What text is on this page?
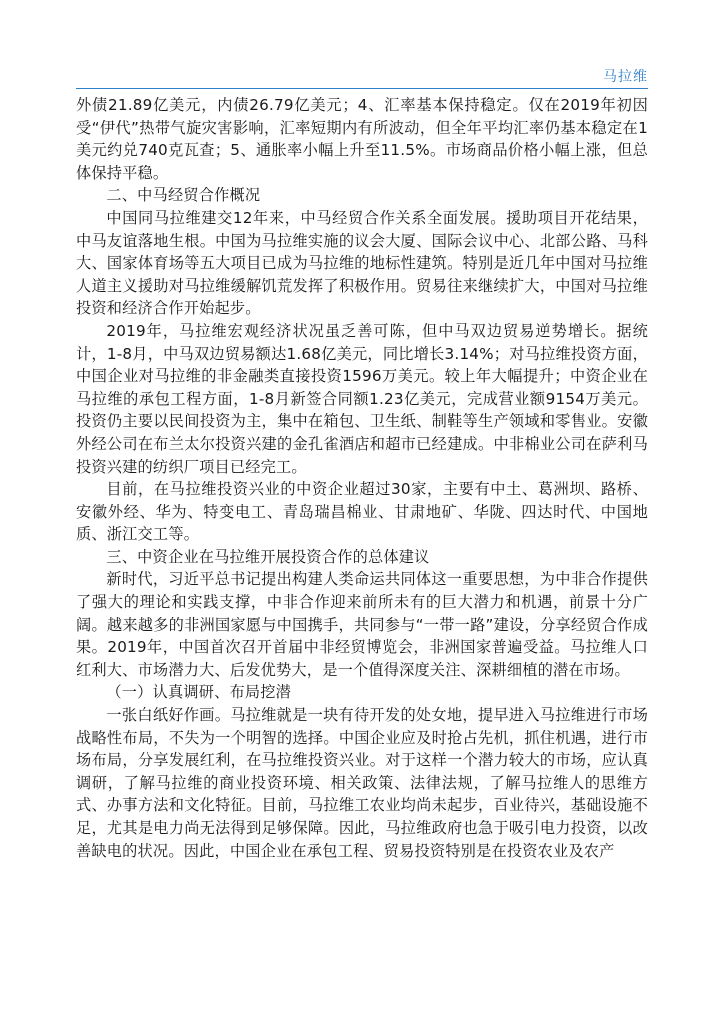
马拉维

外债21.89亿美元，内债26.79亿美元；4、汇率基本保持稳定。仅在2019年初因受“伊代”热带气旋灾害影响，汇率短期内有所波动，但全年平均汇率仍基本稳定在1美元约兑740克瓦查；5、通胀率小幅上升至11.5%。市场商品价格小幅上涨，但总体保持平稳。

二、中马经贸合作概况

中国同马拉维建交12年来，中马经贸合作关系全面发展。援助项目开花结果，中马友谊落地生根。中国为马拉维实施的议会大厦、国际会议中心、北部公路、马科大、国家体育场等五大项目已成为马拉维的地标性建筑。特别是近几年中国对马拉维人道主义援助对马拉维缓解饥荒发挥了积极作用。贸易往来继续扩大，中国对马拉维投资和经济合作开始起步。

2019年，马拉维宏观经济状况虽乏善可陈，但中马双边贸易逆势增长。据统计，1-8月，中马双边贸易额达1.68亿美元，同比增长3.14%；对马拉维投资方面，中国企业对马拉维的非金融类直接投资1596万美元。较上年大幅提升；中资企业在马拉维的承包工程方面，1-8月新签合同额1.23亿美元，完成营业额9154万美元。投资仍主要以民间投资为主，集中在箱包、卫生纸、制鞋等生产领域和零售业。安徽外经公司在布兰太尔投资兴建的金孔雀酒店和超市已经建成。中非棉业公司在萨利马投资兴建的纺织厂项目已经完工。

目前，在马拉维投资兴业的中资企业超过30家，主要有中土、葛洲坝、路桥、安徽外经、华为、特变电工、青岛瑞昌棉业、甘肃地矿、华陇、四达时代、中国地质、浙江交工等。

三、中资企业在马拉维开展投资合作的总体建议

新时代，习近平总书记提出构建人类命运共同体这一重要思想，为中非合作提供了强大的理论和实践支撑，中非合作迎来前所未有的巨大潜力和机遇，前景十分广阔。越来越多的非洲国家愿与中国携手，共同参与“一带一路”建设，分享经贸合作成果。2019年，中国首次召开首届中非经贸博览会，非洲国家普遍受益。马拉维人口红利大、市场潜力大、后发优势大，是一个值得深度关注、深耕细植的潜在市场。

（一）认真调研、布局挖潜

一张白纸好作画。马拉维就是一块有待开发的处女地，提早进入马拉维进行市场战略性布局，不失为一个明智的选择。中国企业应及时抢占先机，抓住机遇，进行市场布局，分享发展红利，在马拉维投资兴业。对于这样一个潜力较大的市场，应认真调研，了解马拉维的商业投资环境、相关政策、法律法规，了解马拉维人的思维方式、办事方法和文化特征。目前，马拉维工农业均尚未起步，百业待兴，基础设施不足，尤其是电力尚无法得到足够保障。因此，马拉维政府也急于吸引电力投资，以改善缺电的状况。因此，中国企业在承包工程、贸易投资特别是在投资农业及农产
